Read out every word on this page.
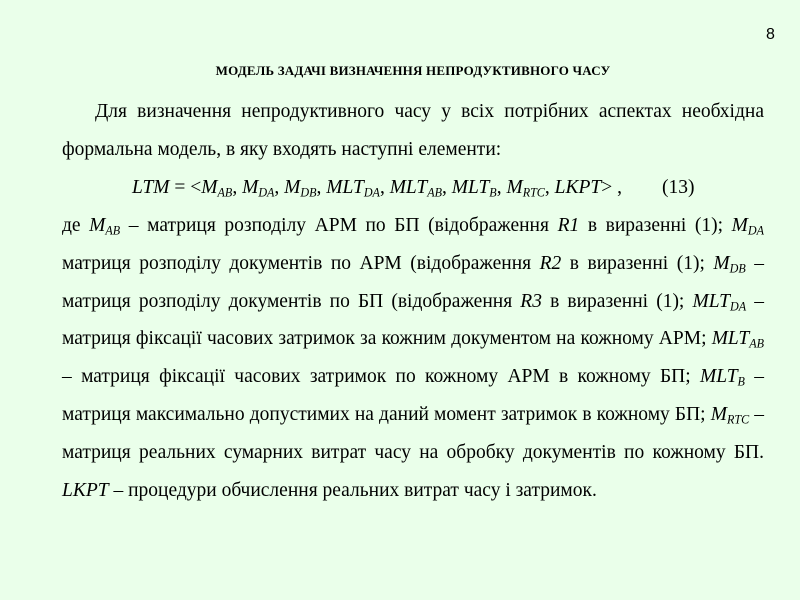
8
МОДЕЛЬ ЗАДАЧІ ВИЗНАЧЕННЯ НЕПРОДУКТИВНОГО ЧАСУ

Для визначення непродуктивного часу у всіх потрібних аспектах необхідна формальна модель, в яку входять наступні елементи:

LTM = $<M_{AB}$, $M_{DA}$, $M_{DB}$, $MLT_{DA}$, $MLT_{AB}$, $MLT_B$, $M_{RTC}$, LKPT> , (13)

де $M_{AB}$ – матриця розподілу АРМ по БП (відображення R1 в виразенні (1); $M_{DA}$ матриця розподілу документів по АРМ (відображення R2 в виразенні (1); $M_{DB}$ – матриця розподілу документів по БП (відображення R3 в виразенні (1); $MLT_{DA}$ – матриця фіксації часових затримок за кожним документом на кожному АРМ; $MLT_{AB}$ – матриця фіксації часових затримок по кожному АРМ в кожному БП; $MLT_B$ – матриця максимально допустимих на даний момент затримок в кожному БП; $M_{RTC}$ – матриця реальних сумарних витрат часу на обробку документів по кожному БП. LKPT – процедури обчислення реальних витрат часу і затримок.
